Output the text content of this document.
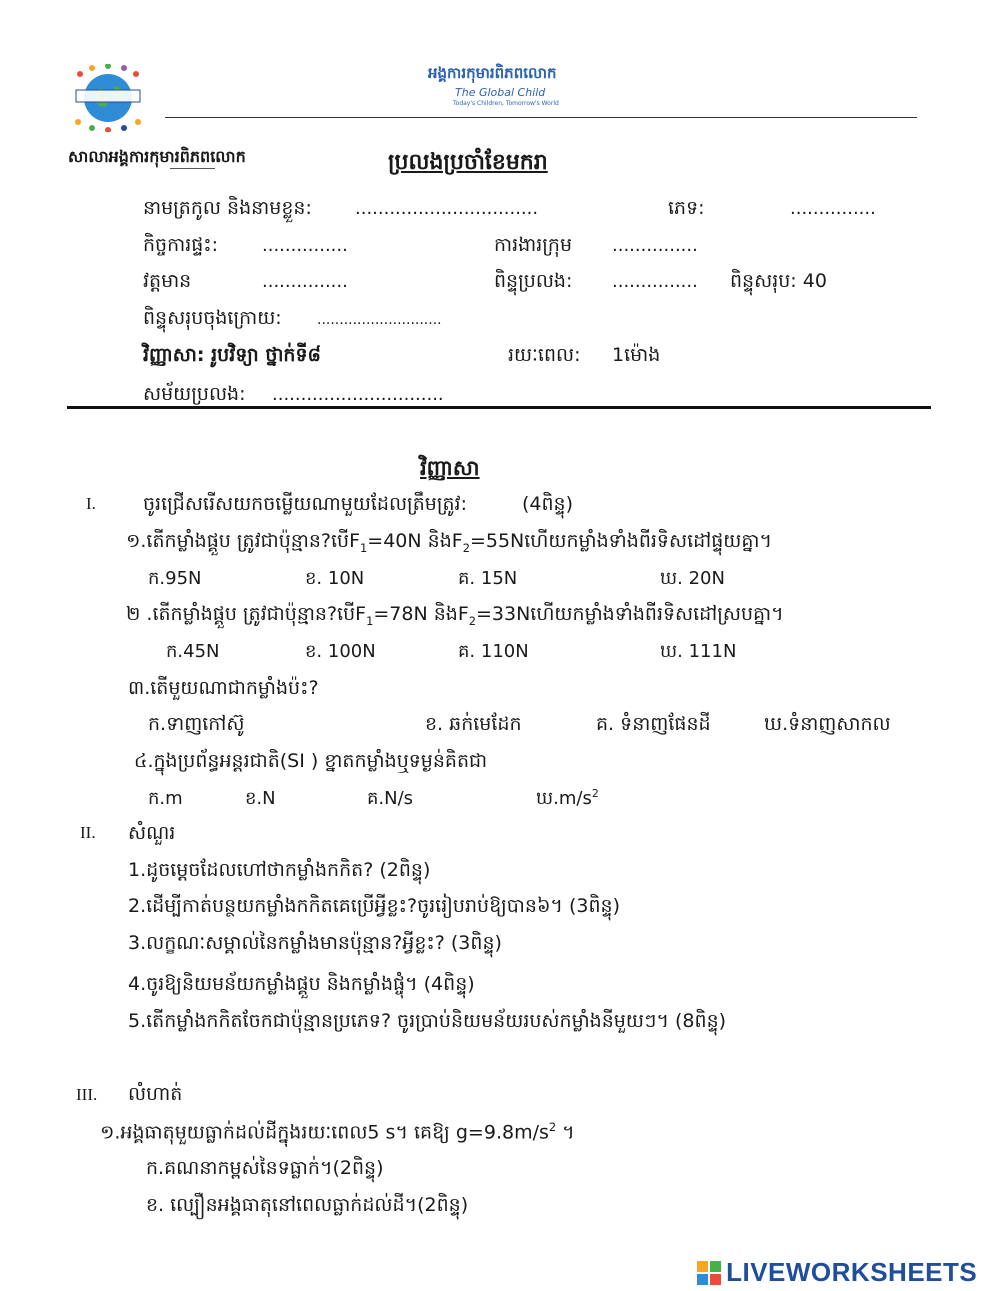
អង្គការកុមារពិភពលោក
The Global Child
Today's Children, Tomorrow's World
សាលាអង្គការកុមារពិភពលោក	ប្រលងប្រចាំខែមករា
នាមត្រកូល និងនាមខ្លួន: ................................	ភេទ:	...............
កិច្ចការផ្ទះ: ...............	ការងារក្រុម ...............
វត្តមាន	...............	ពិន្ទុប្រលង: ............... ពិន្ទុសរុប: 40
ពិន្ទុសរុបចុងក្រោយ:	............................
វិញ្ញាសា: រូបវិទ្យា ថ្នាក់ទី៨	រយៈពេល: 1ម៉ោង
សម័យប្រលង: ..............................
វិញ្ញាសា
I. ចូរជ្រើសរើសយកចម្លើយណាមួយដែលត្រឹមត្រូវ:	(4ពិន្ទុ)
១.តើកម្លាំងផ្គួប ត្រូវជាប៉ុន្មាន?បើ$F_1=40N$ និង$F_2=55N$ហើយកម្លាំងទាំងពីរទិសដៅផ្ទុយគ្នា។
ក.95N	ខ. 10N	គ. 15N	ឃ. 20N
២ .តើកម្លាំងផ្គួប ត្រូវជាប៉ុន្មាន?បើ$F_1=78N$ និង$F_2=33N$ហើយកម្លាំងទាំងពីរទិសដៅស្របគ្នា។
ក.45N	ខ. 100N	គ. 110N	ឃ. 111N
៣.តើមួយណាជាកម្លាំងប៉ះ?
ក.ទាញកៅស៊ូ	ខ. ឆក់មេដែក	គ. ទំនាញផែនដី	ឃ.ទំនាញសាកល
៤.ក្នុងប្រព័ន្ធអន្តរជាតិ(SI ) ខ្នាតកម្លាំងឬទម្ងន់គិតជា
ក.m	ខ.N	គ.N/s	ឃ$.m/s^2$
II. សំណួរ
1.ដូចម្ដេចដែលហៅថាកម្លាំងកកិត? (2ពិន្ទុ)
2.ដើម្បីកាត់បន្ថយកម្លាំងកកិតគេប្រើអ្វីខ្លះ?ចូររៀបរាប់ឱ្យបាន៦។ (3ពិន្ទុ)
3.លក្ខណៈសម្គាល់នៃកម្លាំងមានប៉ុន្មាន?អ្វីខ្លះ? (3ពិន្ទុ)
4.ចូរឱ្យនិយមន័យកម្លាំងផ្គួប និងកម្លាំងផ្ចុំ។ (4ពិន្ទុ)
5.តើកម្លាំងកកិតចែកជាប៉ុន្មានប្រភេទ? ចូរប្រាប់និយមន័យរបស់កម្លាំងនីមួយៗ។ (8ពិន្ទុ)
III. លំហាត់
១.អង្គធាតុមួយធ្លាក់ដល់ដីក្នុងរយៈពេល5 s។ គេឱ្យ $g=9.8m/s^2$ ។
ក.គណនាកម្ពស់នៃទធ្លាក់។(2ពិន្ទុ)
ខ. ល្បឿនអង្គធាតុនៅពេលធ្លាក់ដល់ដី។(2ពិន្ទុ)
LIVEWORKSHEETS
